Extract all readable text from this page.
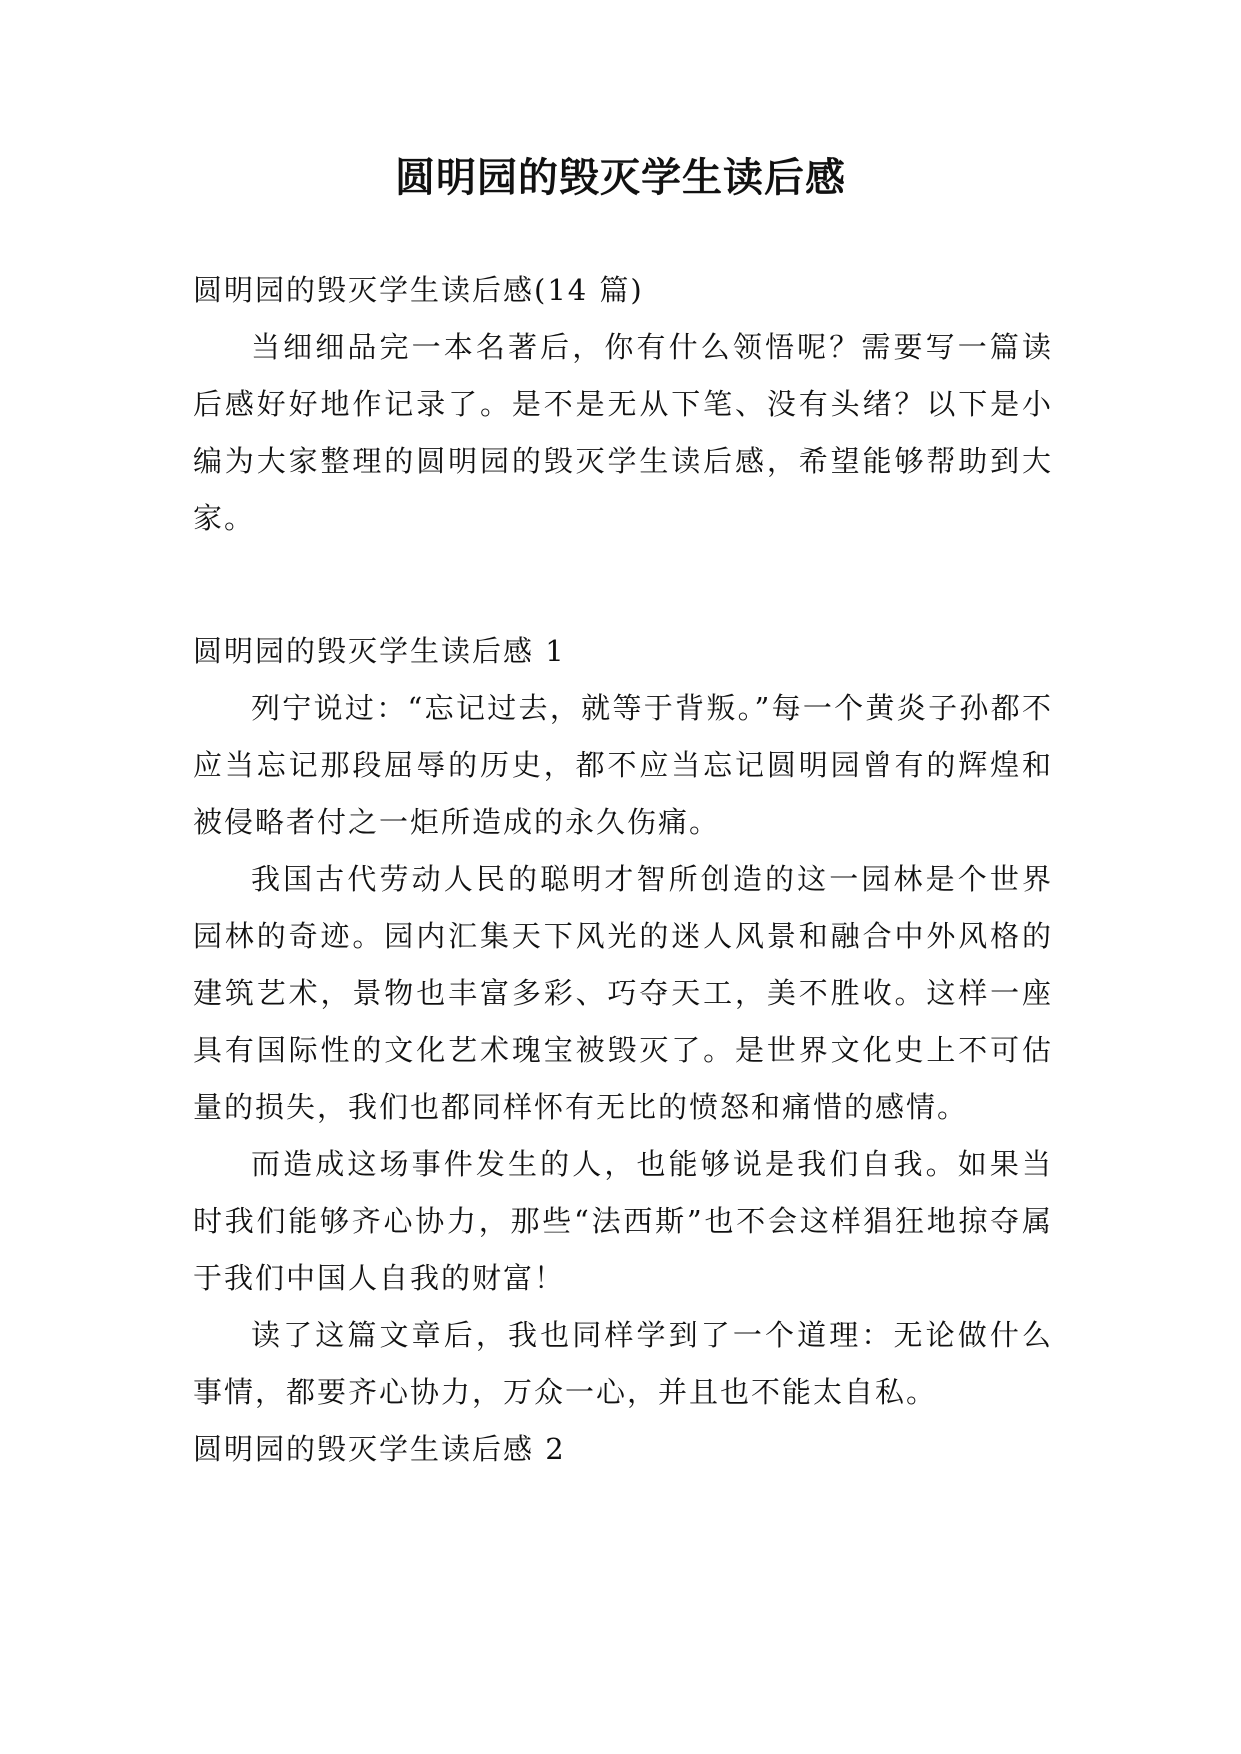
圆明园的毁灭学生读后感

圆明园的毁灭学生读后感(14 篇)

当细细品完一本名著后，你有什么领悟呢？需要写一篇读后感好好地作记录了。是不是无从下笔、没有头绪？以下是小编为大家整理的圆明园的毁灭学生读后感，希望能够帮助到大家。

圆明园的毁灭学生读后感 1

列宁说过：“忘记过去，就等于背叛。”每一个黄炎子孙都不应当忘记那段屈辱的历史，都不应当忘记圆明园曾有的辉煌和被侵略者付之一炬所造成的永久伤痛。

我国古代劳动人民的聪明才智所创造的这一园林是个世界园林的奇迹。园内汇集天下风光的迷人风景和融合中外风格的建筑艺术，景物也丰富多彩、巧夺天工，美不胜收。这样一座具有国际性的文化艺术瑰宝被毁灭了。是世界文化史上不可估量的损失，我们也都同样怀有无比的愤怒和痛惜的感情。

而造成这场事件发生的人，也能够说是我们自我。如果当时我们能够齐心协力，那些“法西斯”也不会这样猖狂地掠夺属于我们中国人自我的财富！

读了这篇文章后，我也同样学到了一个道理：无论做什么事情，都要齐心协力，万众一心，并且也不能太自私。

圆明园的毁灭学生读后感 2
